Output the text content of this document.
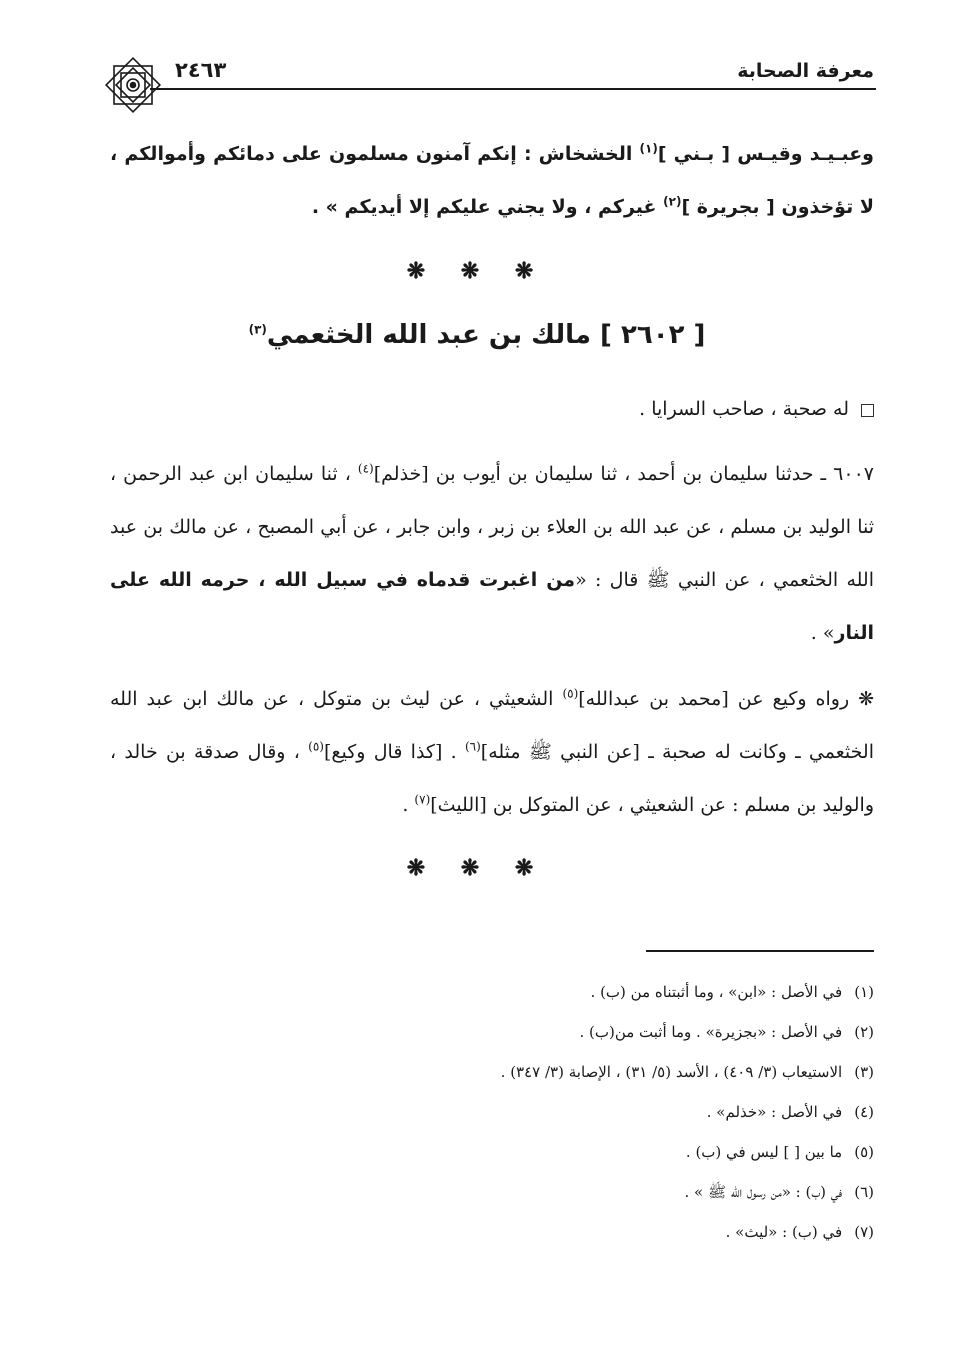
معرفة الصحابة
٢٤٦٣
وعبـيـد وقيـس [ بـني ]$^{(١)}$ الخشخاش : إنكم آمنون مسلمون على دمائكم وأموالكم ، لا تؤخذون [ بجريرة ]$^{(٢)}$ غيركم ، ولا يجني عليكم إلا أيديكم » .
❋ ❋ ❋
[ ٢٦٠٢ ] مالك بن عبد الله الخثعمي$^{(٣)}$
له صحبة ، صاحب السرايا .
٦٠٠٧ ـ حدثنا سليمان بن أحمد ، ثنا سليمان بن أيوب بن [خذلم]$^{(٤)}$ ، ثنا سليمان ابن عبد الرحمن ، ثنا الوليد بن مسلم ، عن عبد الله بن العلاء بن زبر ، وابن جابر ، عن أبي المصبح ، عن مالك بن عبد الله الخثعمي ، عن النبي ﷺ قال : «من اغبرت قدماه في سبيل الله ، حرمه الله على النار» .
❋ رواه وكيع عن [محمد بن عبدالله]$^{(٥)}$ الشعيثي ، عن ليث بن متوكل ، عن مالك ابن عبد الله الخثعمي ـ وكانت له صحبة ـ [عن النبي ﷺ مثله]$^{(٦)}$ . [كذا قال وكيع]$^{(٥)}$ ، وقال صدقة بن خالد ، والوليد بن مسلم : عن الشعيثي ، عن المتوكل بن [الليث]$^{(٧)}$ .
❋ ❋ ❋
(١)في الأصل : «ابن» ، وما أثبتناه من (ب) .
(٢)في الأصل : «بجزيرة» . وما أثبت من(ب) .
(٣)الاستيعاب (٣/ ٤٠٩) ، الأسد (٥/ ٣١) ، الإصابة (٣/ ٣٤٧) .
(٤)في الأصل : «خذلم» .
(٥)ما بين [ ] ليس في (ب) .
(٦)في (ب) : «من رسول الله ﷺ » .
(٧)في (ب) : «ليث» .
